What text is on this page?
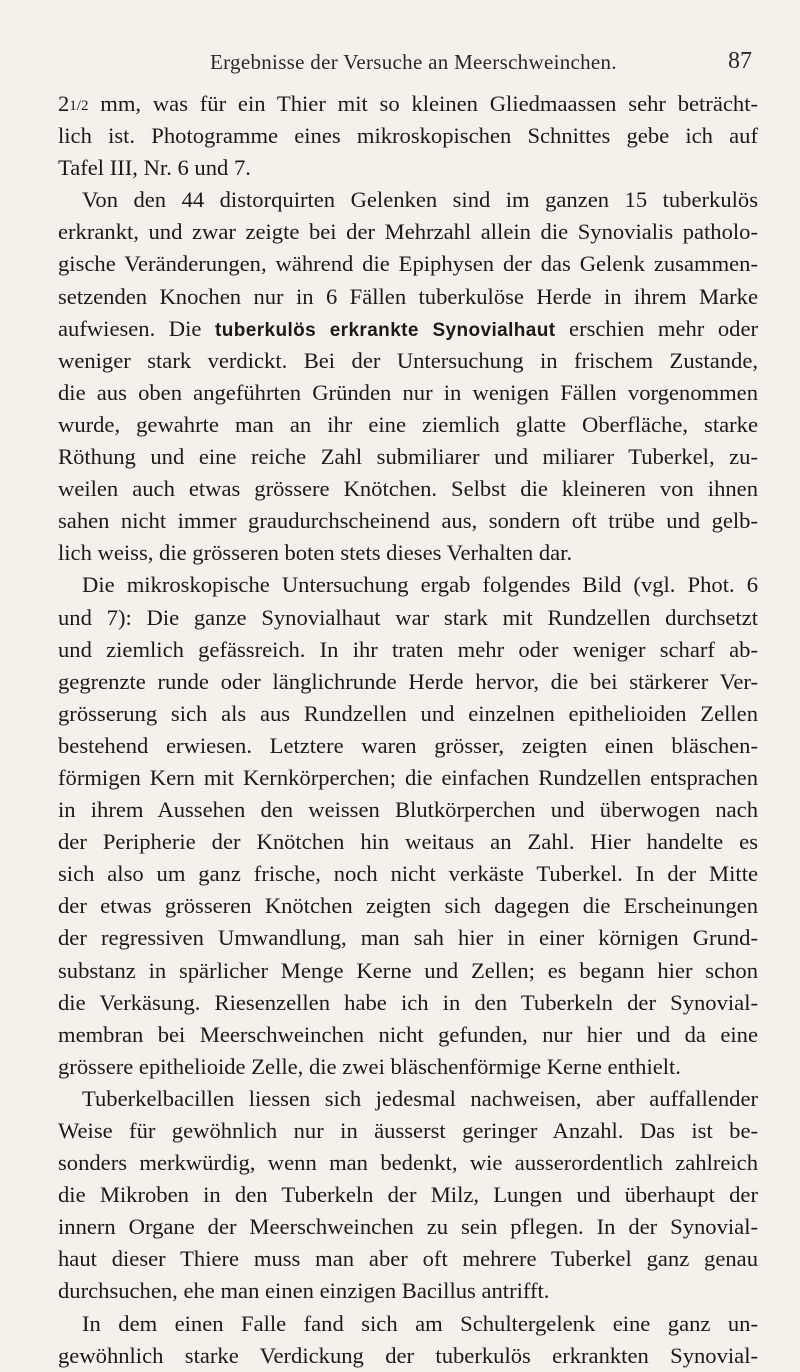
Ergebnisse der Versuche an Meerschweinchen.	87
21/2 mm, was für ein Thier mit so kleinen Gliedmaassen sehr beträcht-
lich ist. Photogramme eines mikroskopischen Schnittes gebe ich auf
Tafel III, Nr. 6 und 7.
Von den 44 distorquirten Gelenken sind im ganzen 15 tuberkulös
erkrankt, und zwar zeigte bei der Mehrzahl allein die Synovialis patholo-
gische Veränderungen, während die Epiphysen der das Gelenk zusammen-
setzenden Knochen nur in 6 Fällen tuberkulöse Herde in ihrem Marke
aufwiesen. Die tuberkulös erkrankte Synovialhaut erschien mehr oder
weniger stark verdickt. Bei der Untersuchung in frischem Zustande,
die aus oben angeführten Gründen nur in wenigen Fällen vorgenommen
wurde, gewahrte man an ihr eine ziemlich glatte Oberfläche, starke
Röthung und eine reiche Zahl submiliarer und miliarer Tuberkel, zu-
weilen auch etwas grössere Knötchen. Selbst die kleineren von ihnen
sahen nicht immer graudurchscheinend aus, sondern oft trübe und gelb-
lich weiss, die grösseren boten stets dieses Verhalten dar.
Die mikroskopische Untersuchung ergab folgendes Bild (vgl. Phot. 6
und 7): Die ganze Synovialhaut war stark mit Rundzellen durchsetzt
und ziemlich gefässreich. In ihr traten mehr oder weniger scharf ab-
gegrenzte runde oder länglichrunde Herde hervor, die bei stärkerer Ver-
grösserung sich als aus Rundzellen und einzelnen epithelioiden Zellen
bestehend erwiesen. Letztere waren grösser, zeigten einen bläschen-
förmigen Kern mit Kernkörperchen; die einfachen Rundzellen entsprachen
in ihrem Aussehen den weissen Blutkörperchen und überwogen nach
der Peripherie der Knötchen hin weitaus an Zahl. Hier handelte es
sich also um ganz frische, noch nicht verkäste Tuberkel. In der Mitte
der etwas grösseren Knötchen zeigten sich dagegen die Erscheinungen
der regressiven Umwandlung, man sah hier in einer körnigen Grund-
substanz in spärlicher Menge Kerne und Zellen; es begann hier schon
die Verkäsung. Riesenzellen habe ich in den Tuberkeln der Synovial-
membran bei Meerschweinchen nicht gefunden, nur hier und da eine
grössere epithelioide Zelle, die zwei bläschenförmige Kerne enthielt.
Tuberkelbacillen liessen sich jedesmal nachweisen, aber auffallender
Weise für gewöhnlich nur in äusserst geringer Anzahl. Das ist be-
sonders merkwürdig, wenn man bedenkt, wie ausserordentlich zahlreich
die Mikroben in den Tuberkeln der Milz, Lungen und überhaupt der
innern Organe der Meerschweinchen zu sein pflegen. In der Synovial-
haut dieser Thiere muss man aber oft mehrere Tuberkel ganz genau
durchsuchen, ehe man einen einzigen Bacillus antrifft.
In dem einen Falle fand sich am Schultergelenk eine ganz un-
gewöhnlich starke Verdickung der tuberkulös erkrankten Synovial-
